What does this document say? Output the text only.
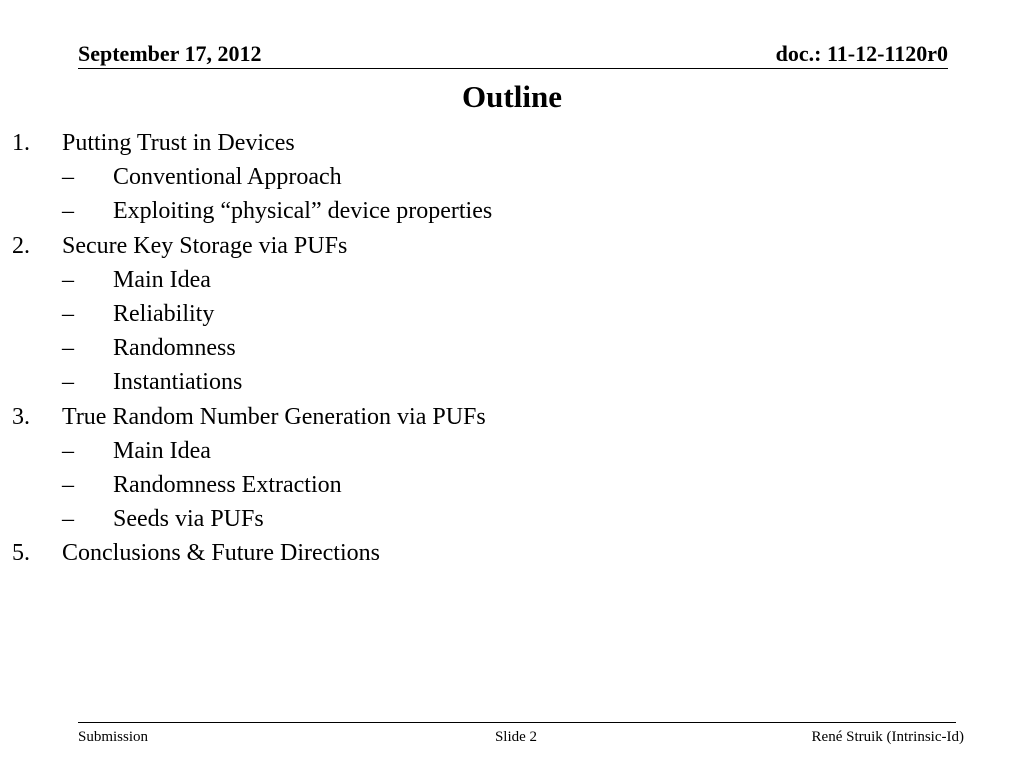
September 17, 2012	doc.: 11-12-1120r0
Outline
1. Putting Trust in Devices
– Conventional Approach
– Exploiting “physical” device properties
2. Secure Key Storage via PUFs
– Main Idea
– Reliability
– Randomness
– Instantiations
3. True Random Number Generation via PUFs
– Main Idea
– Randomness Extraction
– Seeds via PUFs
5. Conclusions & Future Directions
Submission	Slide 2	René Struik (Intrinsic-Id)
